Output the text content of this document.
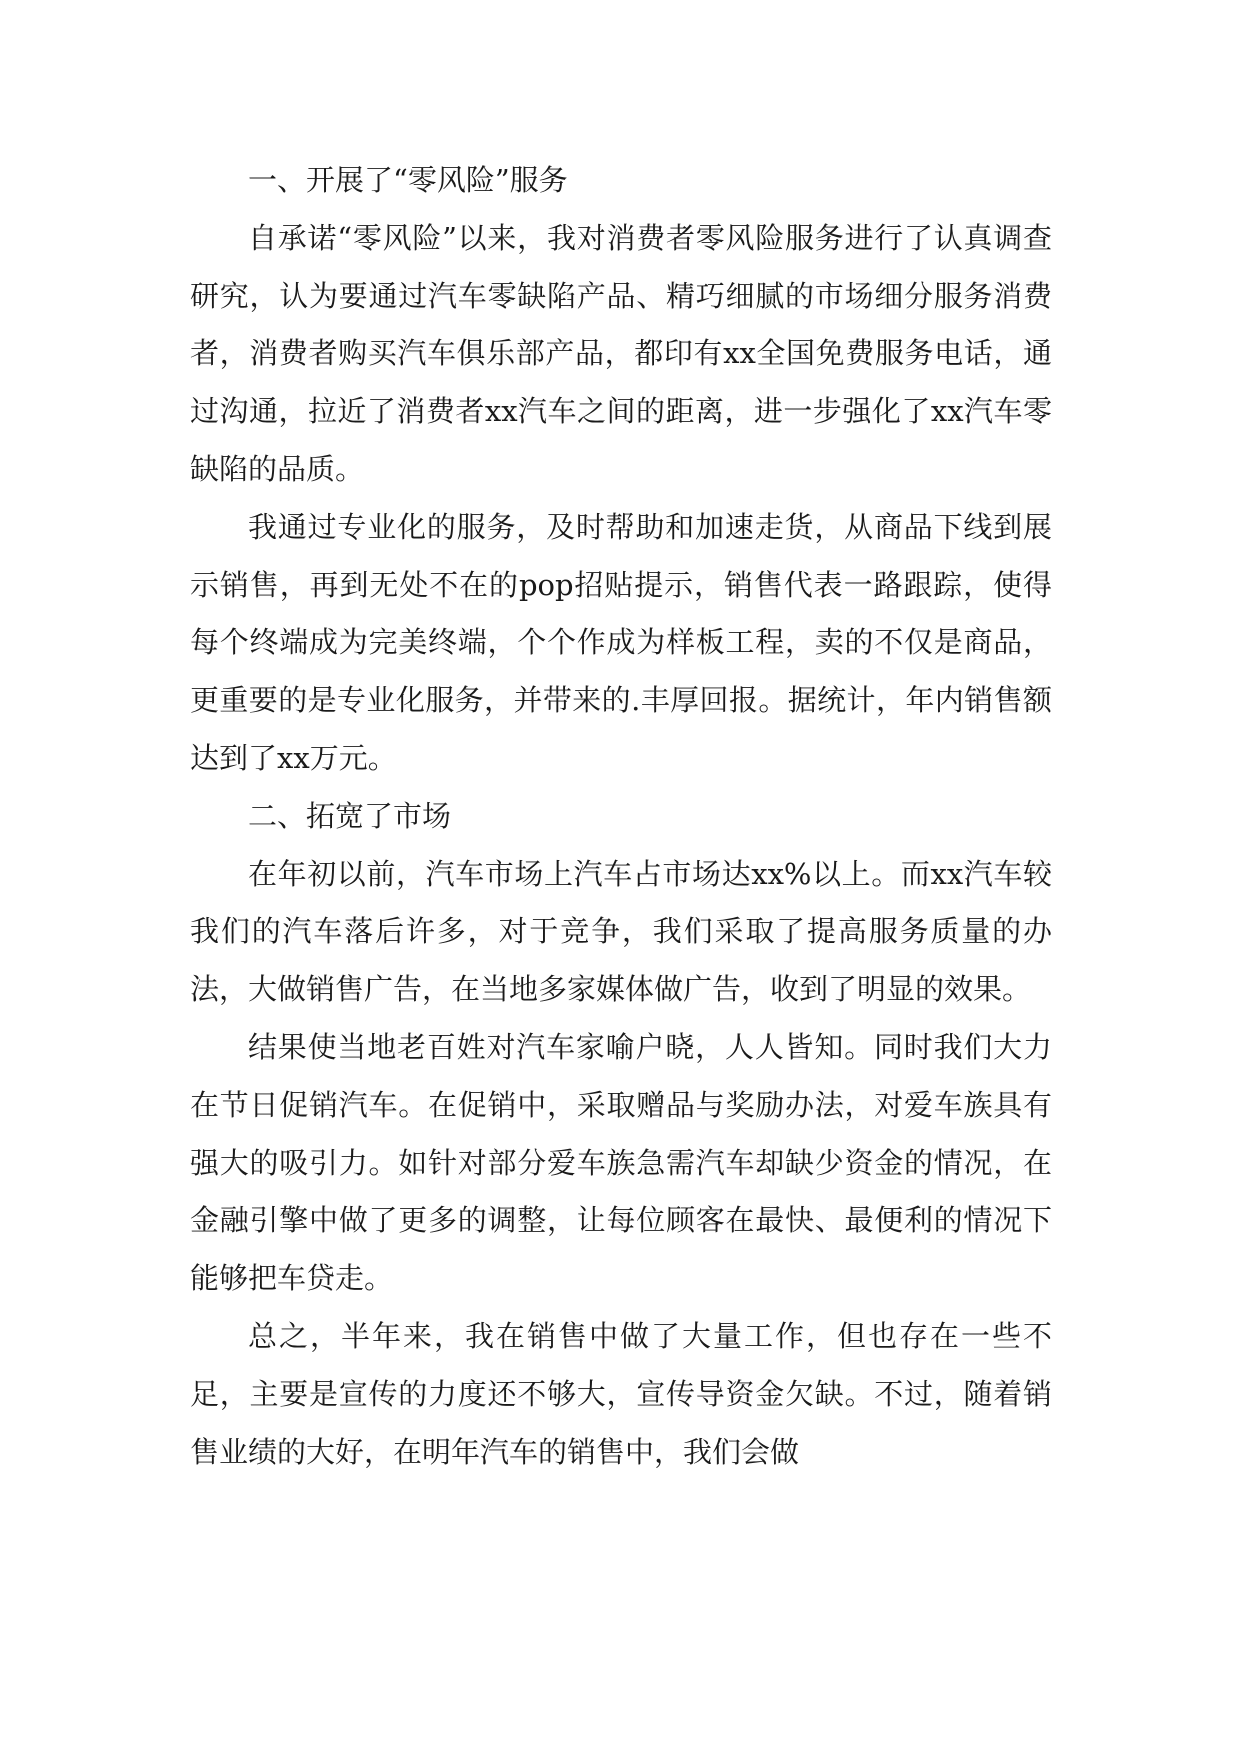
一、开展了“零风险”服务

自承诺“零风险”以来，我对消费者零风险服务进行了认真调查研究，认为要通过汽车零缺陷产品、精巧细腻的市场细分服务消费者，消费者购买汽车俱乐部产品，都印有xx全国免费服务电话，通过沟通，拉近了消费者xx汽车之间的距离，进一步强化了xx汽车零缺陷的品质。

我通过专业化的服务，及时帮助和加速走货，从商品下线到展示销售，再到无处不在的pop招贴提示，销售代表一路跟踪，使得每个终端成为完美终端，个个作成为样板工程，卖的不仅是商品，更重要的是专业化服务，并带来的.丰厚回报。据统计，年内销售额达到了xx万元。

二、拓宽了市场

在年初以前，汽车市场上汽车占市场达xx%以上。而xx汽车较我们的汽车落后许多，对于竞争，我们采取了提高服务质量的办法，大做销售广告，在当地多家媒体做广告，收到了明显的效果。

结果使当地老百姓对汽车家喻户晓，人人皆知。同时我们大力在节日促销汽车。在促销中，采取赠品与奖励办法，对爱车族具有强大的吸引力。如针对部分爱车族急需汽车却缺少资金的情况，在金融引擎中做了更多的调整，让每位顾客在最快、最便利的情况下能够把车贷走。

总之，半年来，我在销售中做了大量工作，但也存在一些不足，主要是宣传的力度还不够大，宣传导资金欠缺。不过，随着销售业绩的大好，在明年汽车的销售中，我们会做
